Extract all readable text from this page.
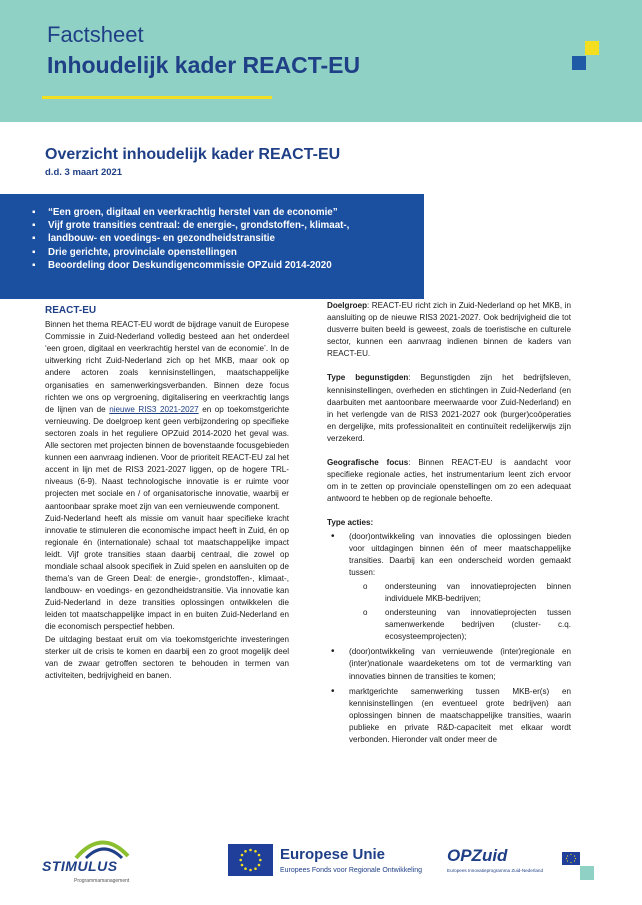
Factsheet
Inhoudelijk kader REACT-EU
Overzicht inhoudelijk kader REACT-EU
d.d. 3 maart 2021
▪ “Een groen, digitaal en veerkrachtig herstel van de economie”
▪ Vijf grote transities centraal: de energie-, grondstoffen-, klimaat-,
▪ landbouw- en voedings- en gezondheidstransitie
▪ Drie gerichte, provinciale openstellingen
▪ Beoordeling door Deskundigencommissie OPZuid 2014-2020
REACT-EU

Binnen het thema REACT-EU wordt de bijdrage vanuit de Europese Commissie in Zuid-Nederland volledig besteed aan het onderdeel ‘een groen, digitaal en veerkrachtig herstel van de economie’. In de uitwerking richt Zuid-Nederland zich op het MKB, maar ook op andere actoren zoals kennisinstellingen, maatschappelijke organisaties en samenwerkingsverbanden. Binnen deze focus richten we ons op vergroening, digitalisering en veerkrachtig langs de lijnen van de nieuwe RIS3 2021-2027 en op toekomstgerichte vernieuwing. De doelgroep kent geen verbijzondering op specifieke sectoren zoals in het reguliere OPZuid 2014-2020 het geval was. Alle sectoren met projecten binnen de bovenstaande focusgebieden kunnen een aanvraag indienen. Voor de prioriteit REACT-EU zal het accent in lijn met de RIS3 2021-2027 liggen, op de hogere TRL-niveaus (6-9). Naast technologische innovatie is er ruimte voor projecten met sociale en / of organisatorische innovatie, waarbij er aantoonbaar sprake moet zijn van een vernieuwende component.

Zuid-Nederland heeft als missie om vanuit haar specifieke kracht innovatie te stimuleren die economische impact heeft in Zuid, én op regionale én (internationale) schaal tot maatschappelijke impact leidt. Vijf grote transities staan daarbij centraal, die zowel op mondiale schaal alsook specifiek in Zuid spelen en aansluiten op de thema’s van de Green Deal: de energie-, grondstoffen-, klimaat-, landbouw- en voedings- en gezondheidstransitie. Via innovatie kan Zuid-Nederland in deze transities oplossingen ontwikkelen die leiden tot maatschappelijke impact in en buiten Zuid-Nederland en die economisch perspectief hebben.

De uitdaging bestaat eruit om via toekomstgerichte investeringen sterker uit de crisis te komen en daarbij een zo groot mogelijk deel van de zwaar getroffen sectoren te behouden in termen van activiteiten, bedrijvigheid en banen.

Doelgroep: REACT-EU richt zich in Zuid-Nederland op het MKB, in aansluiting op de nieuwe RIS3 2021-2027. Ook bedrijvigheid die tot dusverre buiten beeld is geweest, zoals de toeristische en culturele sector, kunnen een aanvraag indienen binnen de kaders van REACT-EU.

Type begunstigden: Begunstigden zijn het bedrijfsleven, kennisinstellingen, overheden en stichtingen in Zuid-Nederland (en daarbuiten met aantoonbare meerwaarde voor Zuid-Nederland) en in het verlengde van de RIS3 2021-2027 ook (burger)coöperaties en dergelijke, mits professionaliteit en continuïteit redelijkerwijs zijn verzekerd.

Geografische focus: Binnen REACT-EU is aandacht voor specifieke regionale acties, het instrumentarium leent zich ervoor om in te zetten op provinciale openstellingen om zo een adequaat antwoord te hebben op de regionale behoefte.

Type acties:
• (door)ontwikkeling van innovaties die oplossingen bieden voor uitdagingen binnen één of meer maatschappelijke transities. Daarbij kan een onderscheid worden gemaakt tussen:
o ondersteuning van innovatieprojecten binnen individuele MKB-bedrijven;
o ondersteuning van innovatieprojecten tussen samenwerkende bedrijven (cluster- c.q. ecosysteemprojecten);
• (door)ontwikkeling van vernieuwende (inter)regionale en (inter)nationale waardeketens om tot de vermarkting van innovaties binnen de transities te komen;
• marktgerichte samenwerking tussen MKB-er(s) en kennisinstellingen (en eventueel grote bedrijven) aan oplossingen binnen de maatschappelijke transities, waarin publieke en private R&D-capaciteit met elkaar wordt verbonden. Hieronder valt onder meer de
STIMULUS
Programmamanagement
Europese Unie
Europees Fonds voor Regionale Ontwikkeling
OPZuid
Europees Innovatieprogramma Zuid-Nederland
